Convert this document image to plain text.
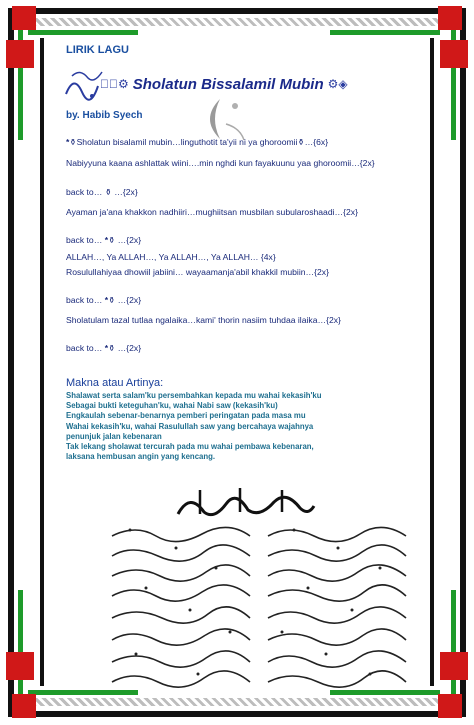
LIRIK LAGU
◈⃝⚙ Sholatun Bissalamil Mubin ⚙◈
by. Habib Syech
*⚱Sholatun bisalamil mubin…linguthotit ta'yii ni ya ghoroomii⚱…{6x}
Nabiyyuna kaana ashlattak wiini….min nghdi kun fayakuunu yaa ghoroomii…{2x}
back to… ⚱ …{2x}
Ayaman ja'ana khakkon nadhiiri…mughiitsan musbilan subularoshaadi…{2x}
back to… *⚱ …{2x}
ALLAH…, Ya ALLAH…, Ya ALLAH…, Ya ALLAH… {4x}
Rosulullahiyaa dhowiil jabiini… wayaamanja'abil khakkil mubiin…{2x}
back to… *⚱ …{2x}
Sholatulam tazal tutlaa ngalaika…kami' thorin nasiim tuhdaa ilaika…{2x}
back to… *⚱ …{2x}
Makna atau Artinya:
Shalawat serta salam'ku persembahkan kepada mu wahai kekasih'ku
Sebagai bukti keteguhan'ku, wahai Nabi saw (kekasih'ku)
Engkaulah sebenar-benarnya pemberi peringatan pada masa mu
Wahai kekasih'ku, wahai Rasulullah saw yang bercahaya wajahnya
penunjuk jalan kebenaran
Tak lekang sholawat tercurah pada mu wahai pembawa kebenaran,
laksana hembusan angin yang kencang.
